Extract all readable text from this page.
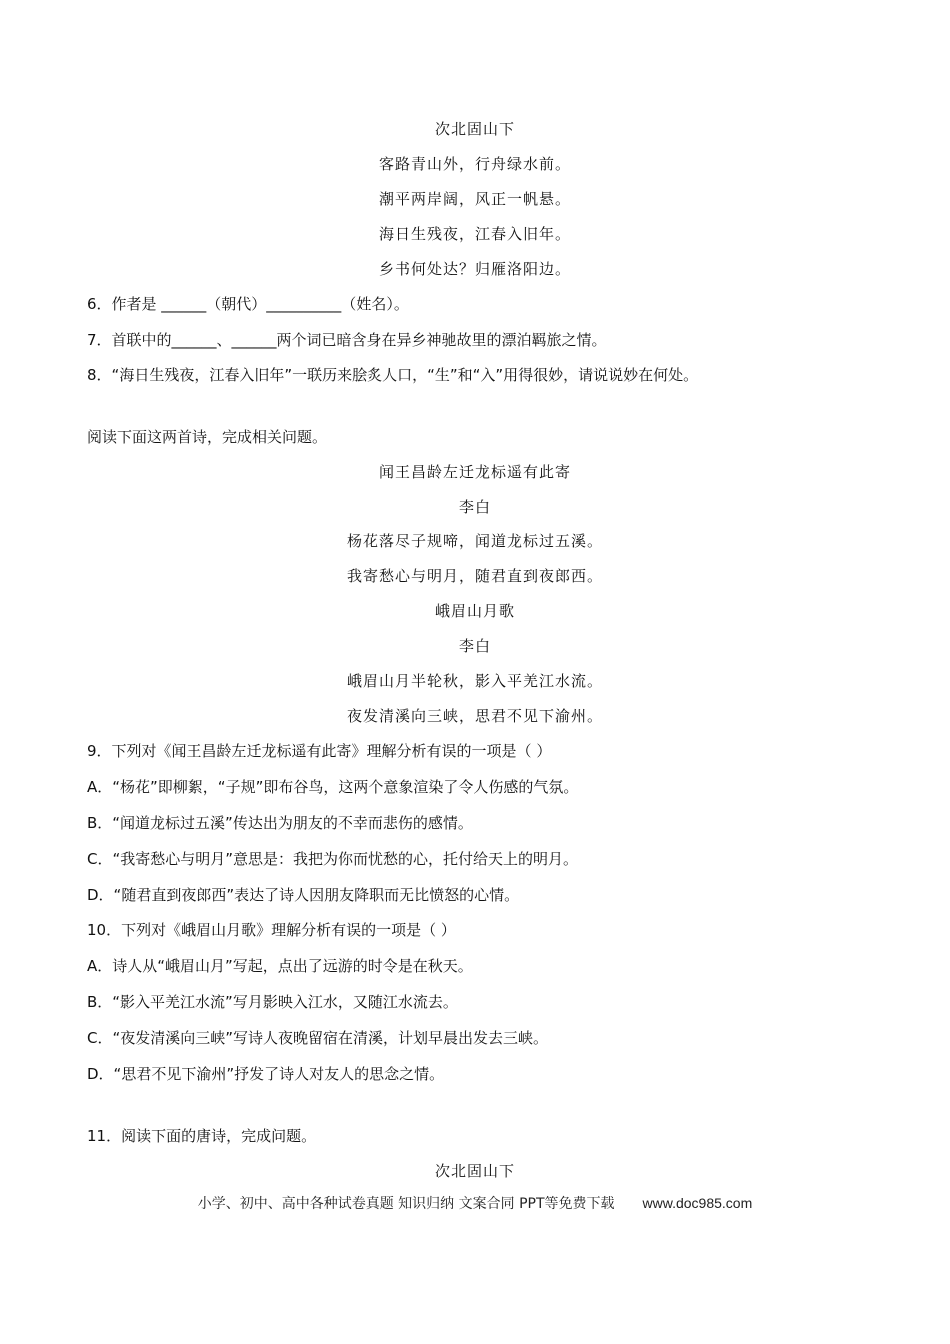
次北固山下
客路青山外，行舟绿水前。
潮平两岸阔，风正一帆悬。
海日生残夜，江春入旧年。
乡书何处达？归雁洛阳边。
6．作者是 ______（朝代）__________（姓名）。
7．首联中的______、______两个词已暗含身在异乡神驰故里的漂泊羁旅之情。
8．“海日生残夜，江春入旧年”一联历来脍炙人口，“生”和“入”用得很妙，请说说妙在何处。
阅读下面这两首诗，完成相关问题。
闻王昌龄左迁龙标遥有此寄
李白
杨花落尽子规啼，闻道龙标过五溪。
我寄愁心与明月，随君直到夜郎西。
峨眉山月歌
李白
峨眉山月半轮秋，影入平羌江水流。
夜发清溪向三峡，思君不见下渝州。
9．下列对《闻王昌龄左迁龙标遥有此寄》理解分析有误的一项是（ ）
A．“杨花”即柳絮，“子规”即布谷鸟，这两个意象渲染了令人伤感的气氛。
B．“闻道龙标过五溪”传达出为朋友的不幸而悲伤的感情。
C．“我寄愁心与明月”意思是：我把为你而忧愁的心，托付给天上的明月。
D．“随君直到夜郎西”表达了诗人因朋友降职而无比愤怒的心情。
10．下列对《峨眉山月歌》理解分析有误的一项是（ ）
A．诗人从“峨眉山月”写起，点出了远游的时令是在秋天。
B．“影入平羌江水流”写月影映入江水，又随江水流去。
C．“夜发清溪向三峡”写诗人夜晚留宿在清溪，计划早晨出发去三峡。
D．“思君不见下渝州”抒发了诗人对友人的思念之情。
11．阅读下面的唐诗，完成问题。
次北固山下
小学、初中、高中各种试卷真题 知识归纳 文案合同 PPT等免费下载 www.doc985.com
